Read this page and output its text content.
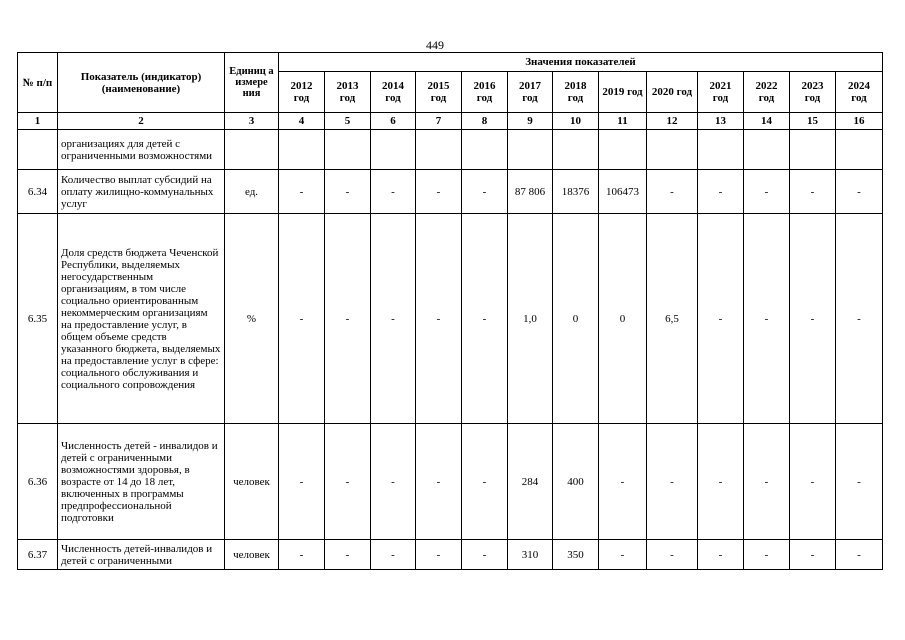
449
№ п/п	Показатель (индикатор) (наименование)	Единиц а измере ния	Значения показателей												
			2012 год	2013 год	2014 год	2015 год	2016 год	2017 год	2018 год	2019 год	2020 год	2021 год	2022 год	2023 год	2024 год
1	2	3	4	5	6	7	8	9	10	11	12	13	14	15	16
	организациях для детей с ограниченными возможностями														
6.34	Количество выплат субсидий на оплату жилищно-коммунальных услуг	ед.	-	-	-	-	-	87 806	18376	106473	-	-	-	-	-
6.35	Доля средств бюджета Чеченской Республики, выделяемых негосударственным организациям, в том числе социально ориентированным некоммерческим организациям на предоставление услуг, в общем объеме средств указанного бюджета, выделяемых на предоставление услуг в сфере: социального обслуживания и социального сопровождения	%	-	-	-	-	-	1,0	0	0	6,5	-	-	-	-
6.36	Численность детей - инвалидов и детей с ограниченными возможностями здоровья, в возрасте от 14 до 18 лет, включенных в программы предпрофессиональной подготовки	человек	-	-	-	-	-	284	400	-	-	-	-	-	-
6.37	Численность детей-инвалидов и детей с ограниченными	человек	-	-	-	-	-	310	350	-	-	-	-	-	-
